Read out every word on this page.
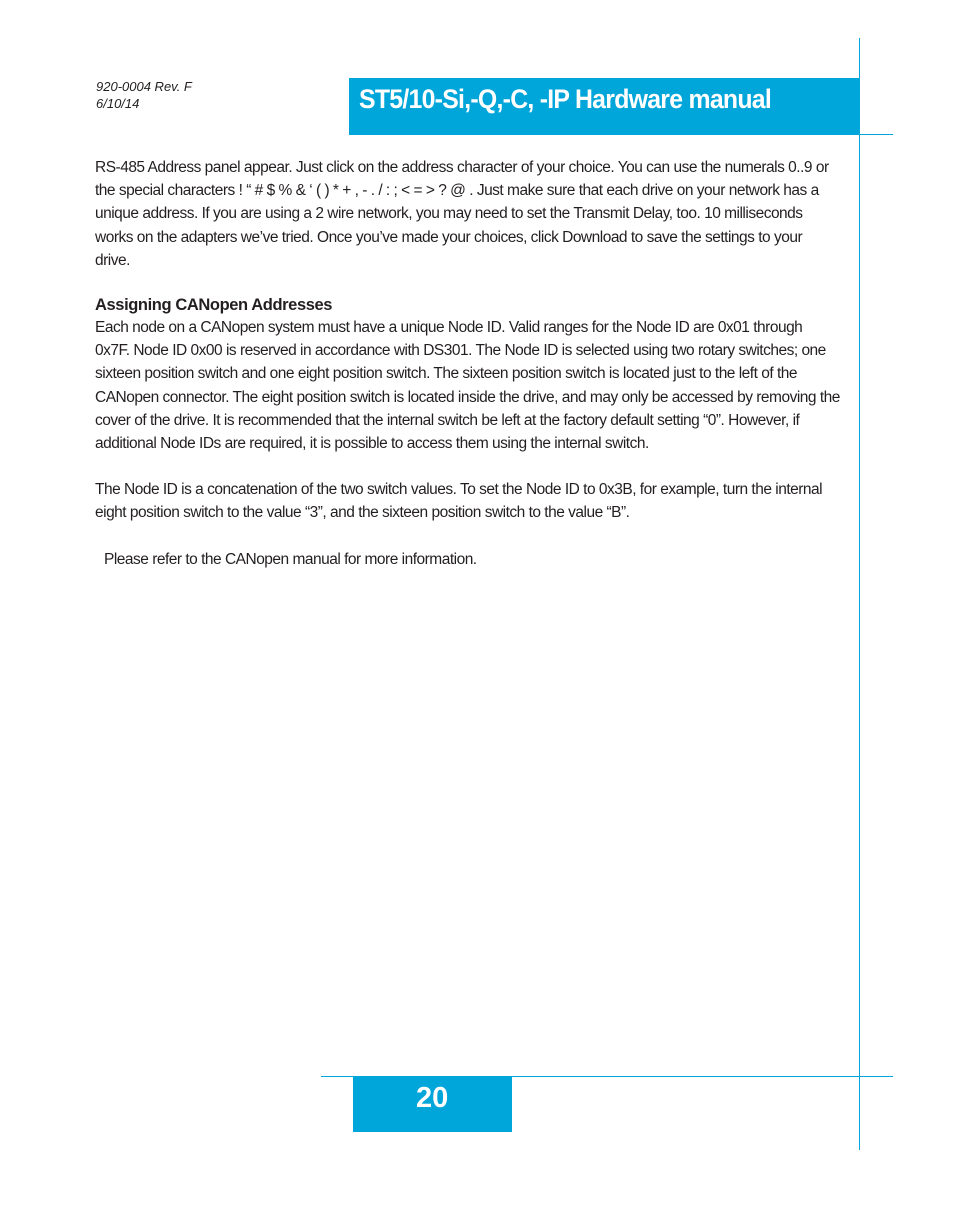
920-0004 Rev. F
6/10/14	ST5/10-Si,-Q,-C, -IP Hardware manual

RS-485 Address panel appear. Just click on the address character of your choice. You can use the numerals 0..9 or the special characters ! “ # $ % & ‘ ( ) * + , - . / : ; < = > ? @ . Just make sure that each drive on your network has a unique address. If you are using a 2 wire network, you may need to set the Transmit Delay, too. 10 milliseconds works on the adapters we’ve tried. Once you’ve made your choices, click Download to save the settings to your drive.

Assigning CANopen Addresses

Each node on a CANopen system must have a unique Node ID. Valid ranges for the Node ID are 0x01 through 0x7F. Node ID 0x00 is reserved in accordance with DS301. The Node ID is selected using two rotary switches; one sixteen position switch and one eight position switch. The sixteen position switch is located just to the left of the CANopen connector. The eight position switch is located inside the drive, and may only be accessed by removing the cover of the drive. It is recommended that the internal switch be left at the factory default setting “0”. However, if additional Node IDs are required, it is possible to access them using the internal switch.

The Node ID is a concatenation of the two switch values. To set the Node ID to 0x3B, for example, turn the internal eight position switch to the value “3”, and the sixteen position switch to the value “B”.

Please refer to the CANopen manual for more information.

20
